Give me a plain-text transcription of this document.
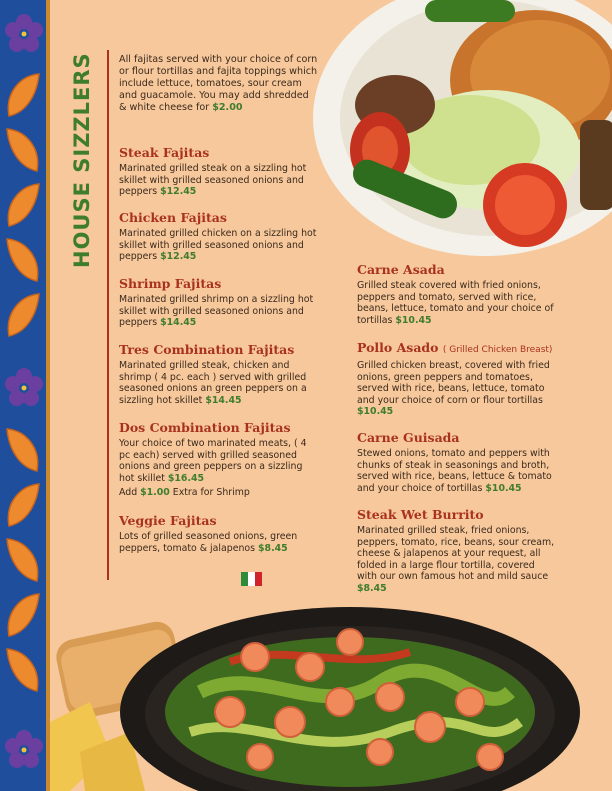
HOUSE SIZZLERS	All fajitas served with your choice of corn or flour tortillas and fajita toppings which include lettuce, tomatoes, sour cream and guacamole. You may add shredded & white cheese for $2.00
Steak Fajitas
Marinated grilled steak on a sizzling hot skillet with grilled seasoned onions and peppers $12.45
Chicken Fajitas
Marinated grilled chicken on a sizzling hot skillet with grilled seasoned onions and peppers $12.45
Shrimp Fajitas
Marinated grilled shrimp on a sizzling hot skillet with grilled seasoned onions and peppers $14.45
Tres Combination Fajitas
Marinated grilled steak, chicken and shrimp ( 4 pc. each ) served with grilled seasoned onions an green peppers on a sizzling hot skillet $14.45
Dos Combination Fajitas
Your choice of two marinated meats, ( 4 pc each) served with grilled seasoned onions and green peppers on a sizzling hot skillet $16.45
Add $1.00 Extra for Shrimp
Veggie Fajitas
Lots of grilled seasoned onions, green peppers, tomato & jalapenos $8.45
Carne Asada
Grilled steak covered with fried onions, peppers and tomato, served with rice, beans, lettuce, tomato and your choice of tortillas $10.45
Pollo Asado ( Grilled Chicken Breast)
Grilled chicken breast, covered with fried onions, green peppers and tomatoes, served with rice, beans, lettuce, tomato and your choice of corn or flour tortillas $10.45
Carne Guisada
Stewed onions, tomato and peppers with chunks of steak in seasonings and broth, served with rice, beans, lettuce & tomato and your choice of tortillas $10.45
Steak Wet Burrito
Marinated grilled steak, fried onions, peppers, tomato, rice, beans, sour cream, cheese & jalapenos at your request, all folded in a large flour tortilla, covered with our own famous hot and mild sauce $8.45
